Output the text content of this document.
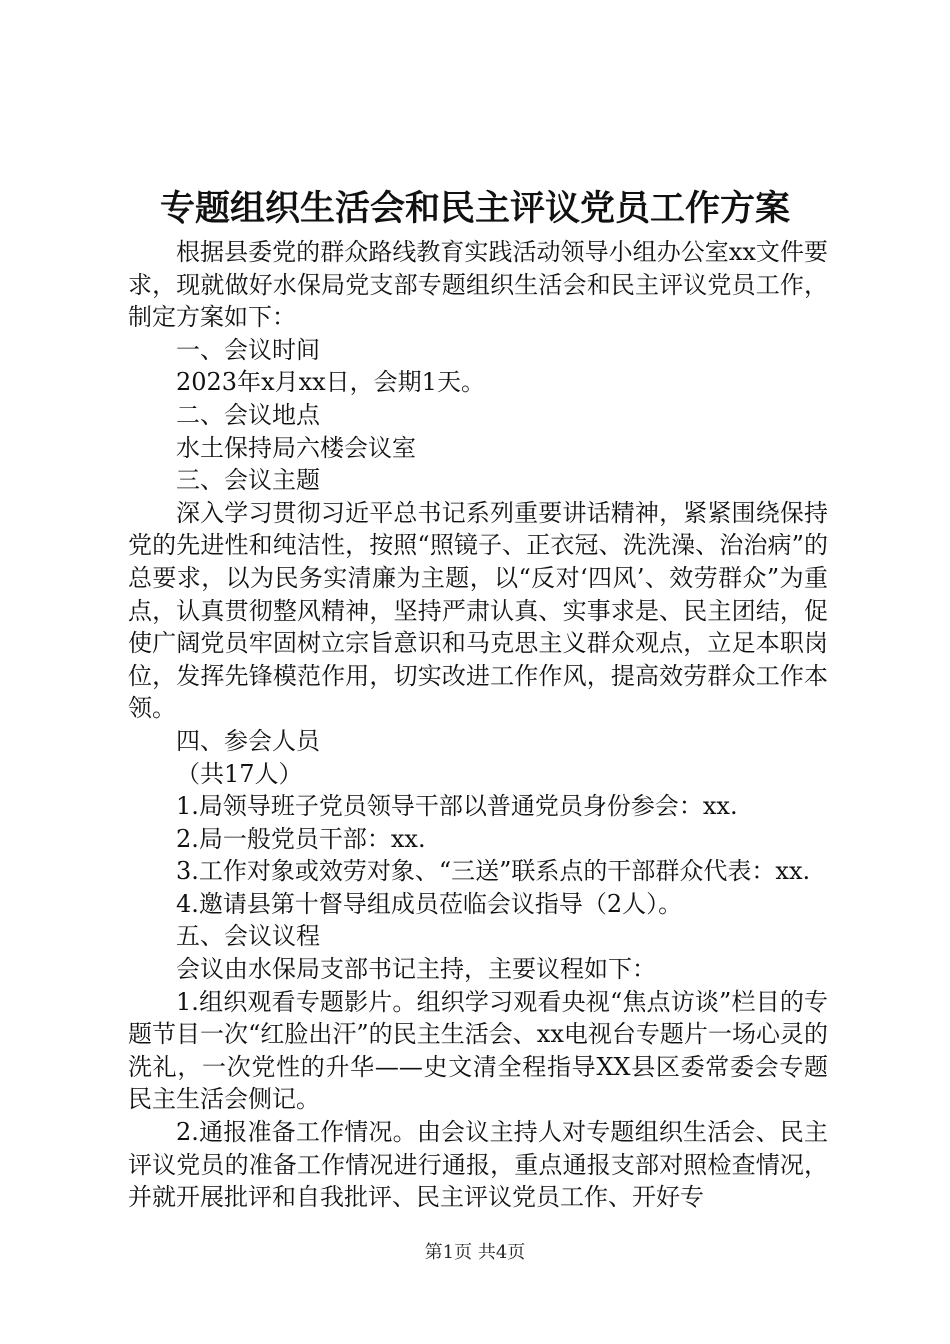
专题组织生活会和民主评议党员工作方案

根据县委党的群众路线教育实践活动领导小组办公室xx文件要求，现就做好水保局党支部专题组织生活会和民主评议党员工作，制定方案如下：

一、会议时间

2023年x月xx日，会期1天。

二、会议地点

水土保持局六楼会议室

三、会议主题

深入学习贯彻习近平总书记系列重要讲话精神，紧紧围绕保持党的先进性和纯洁性，按照“照镜子、正衣冠、洗洗澡、治治病”的总要求，以为民务实清廉为主题，以“反对‘四风’、效劳群众”为重点，认真贯彻整风精神，坚持严肃认真、实事求是、民主团结，促使广阔党员牢固树立宗旨意识和马克思主义群众观点，立足本职岗位，发挥先锋模范作用，切实改进工作作风，提高效劳群众工作本领。

四、参会人员

（共17人）

1.局领导班子党员领导干部以普通党员身份参会：xx.

2.局一般党员干部：xx.

3.工作对象或效劳对象、“三送”联系点的干部群众代表：xx.

4.邀请县第十督导组成员莅临会议指导（2人）。

五、会议议程

会议由水保局支部书记主持，主要议程如下：

1.组织观看专题影片。组织学习观看央视“焦点访谈”栏目的专题节目一次“红脸出汗”的民主生活会、xx电视台专题片一场心灵的洗礼，一次党性的升华——史文清全程指导XX县区委常委会专题民主生活会侧记。

2.通报准备工作情况。由会议主持人对专题组织生活会、民主评议党员的准备工作情况进行通报，重点通报支部对照检查情况，并就开展批评和自我批评、民主评议党员工作、开好专

第1页 共4页
